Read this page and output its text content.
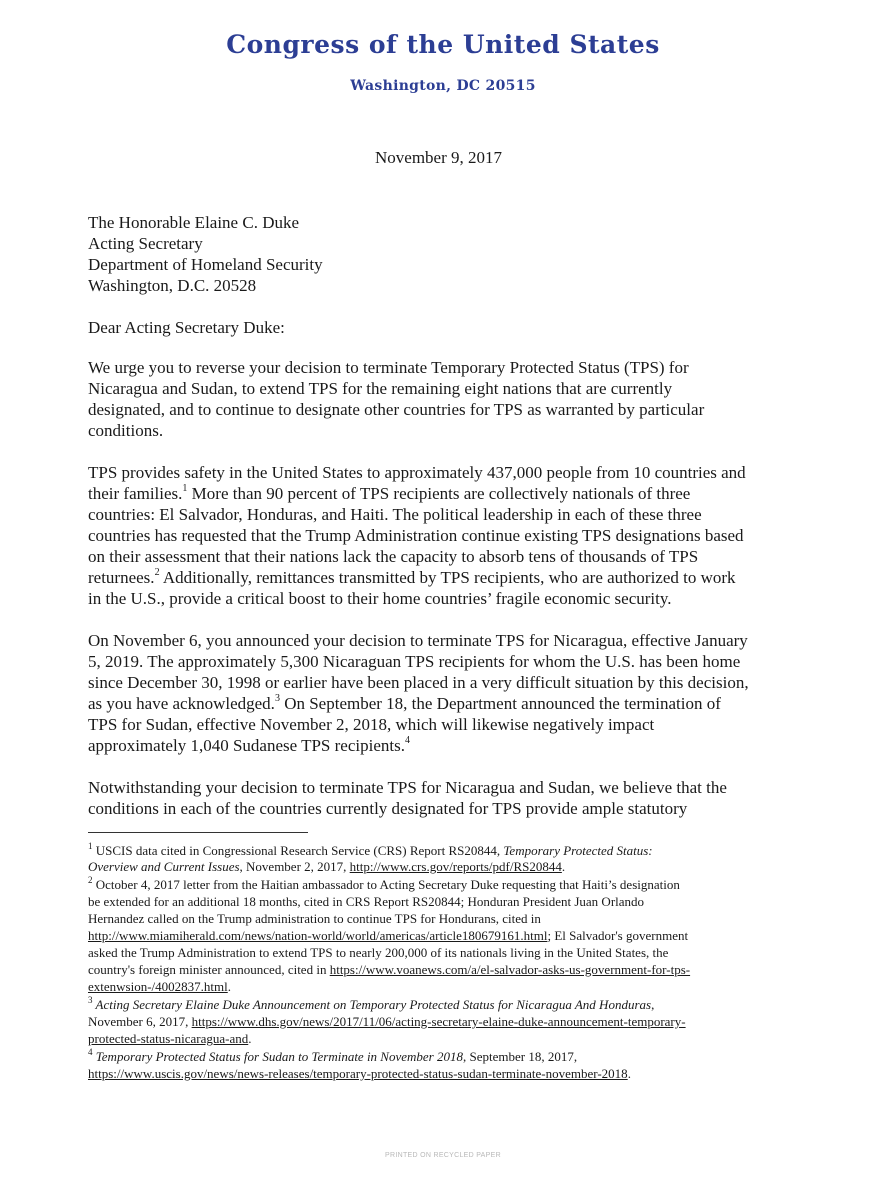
Congress of the United States
Washington, DC 20515
November 9, 2017
The Honorable Elaine C. Duke
Acting Secretary
Department of Homeland Security
Washington, D.C. 20528
Dear Acting Secretary Duke:
We urge you to reverse your decision to terminate Temporary Protected Status (TPS) for
Nicaragua and Sudan, to extend TPS for the remaining eight nations that are currently
designated, and to continue to designate other countries for TPS as warranted by particular
conditions.
TPS provides safety in the United States to approximately 437,000 people from 10 countries and
their families.$^1$ More than 90 percent of TPS recipients are collectively nationals of three
countries: El Salvador, Honduras, and Haiti. The political leadership in each of these three
countries has requested that the Trump Administration continue existing TPS designations based
on their assessment that their nations lack the capacity to absorb tens of thousands of TPS
returnees.$^2$ Additionally, remittances transmitted by TPS recipients, who are authorized to work
in the U.S., provide a critical boost to their home countries’ fragile economic security.
On November 6, you announced your decision to terminate TPS for Nicaragua, effective January
5, 2019. The approximately 5,300 Nicaraguan TPS recipients for whom the U.S. has been home
since December 30, 1998 or earlier have been placed in a very difficult situation by this decision,
as you have acknowledged.$^3$ On September 18, the Department announced the termination of
TPS for Sudan, effective November 2, 2018, which will likewise negatively impact
approximately 1,040 Sudanese TPS recipients.$^4$
Notwithstanding your decision to terminate TPS for Nicaragua and Sudan, we believe that the
conditions in each of the countries currently designated for TPS provide ample statutory
$^1$ USCIS data cited in Congressional Research Service (CRS) Report RS20844, Temporary Protected Status:
Overview and Current Issues, November 2, 2017, http://www.crs.gov/reports/pdf/RS20844.
$^2$ October 4, 2017 letter from the Haitian ambassador to Acting Secretary Duke requesting that Haiti’s designation
be extended for an additional 18 months, cited in CRS Report RS20844; Honduran President Juan Orlando
Hernandez called on the Trump administration to continue TPS for Hondurans, cited in
http://www.miamiherald.com/news/nation-world/world/americas/article180679161.html; El Salvador's government
asked the Trump Administration to extend TPS to nearly 200,000 of its nationals living in the United States, the
country's foreign minister announced, cited in https://www.voanews.com/a/el-salvador-asks-us-government-for-tps-
extenwsion-/4002837.html.
$^3$ Acting Secretary Elaine Duke Announcement on Temporary Protected Status for Nicaragua And Honduras,
November 6, 2017, https://www.dhs.gov/news/2017/11/06/acting-secretary-elaine-duke-announcement-temporary-
protected-status-nicaragua-and.
$^4$ Temporary Protected Status for Sudan to Terminate in November 2018, September 18, 2017,
https://www.uscis.gov/news/news-releases/temporary-protected-status-sudan-terminate-november-2018.
PRINTED ON RECYCLED PAPER
